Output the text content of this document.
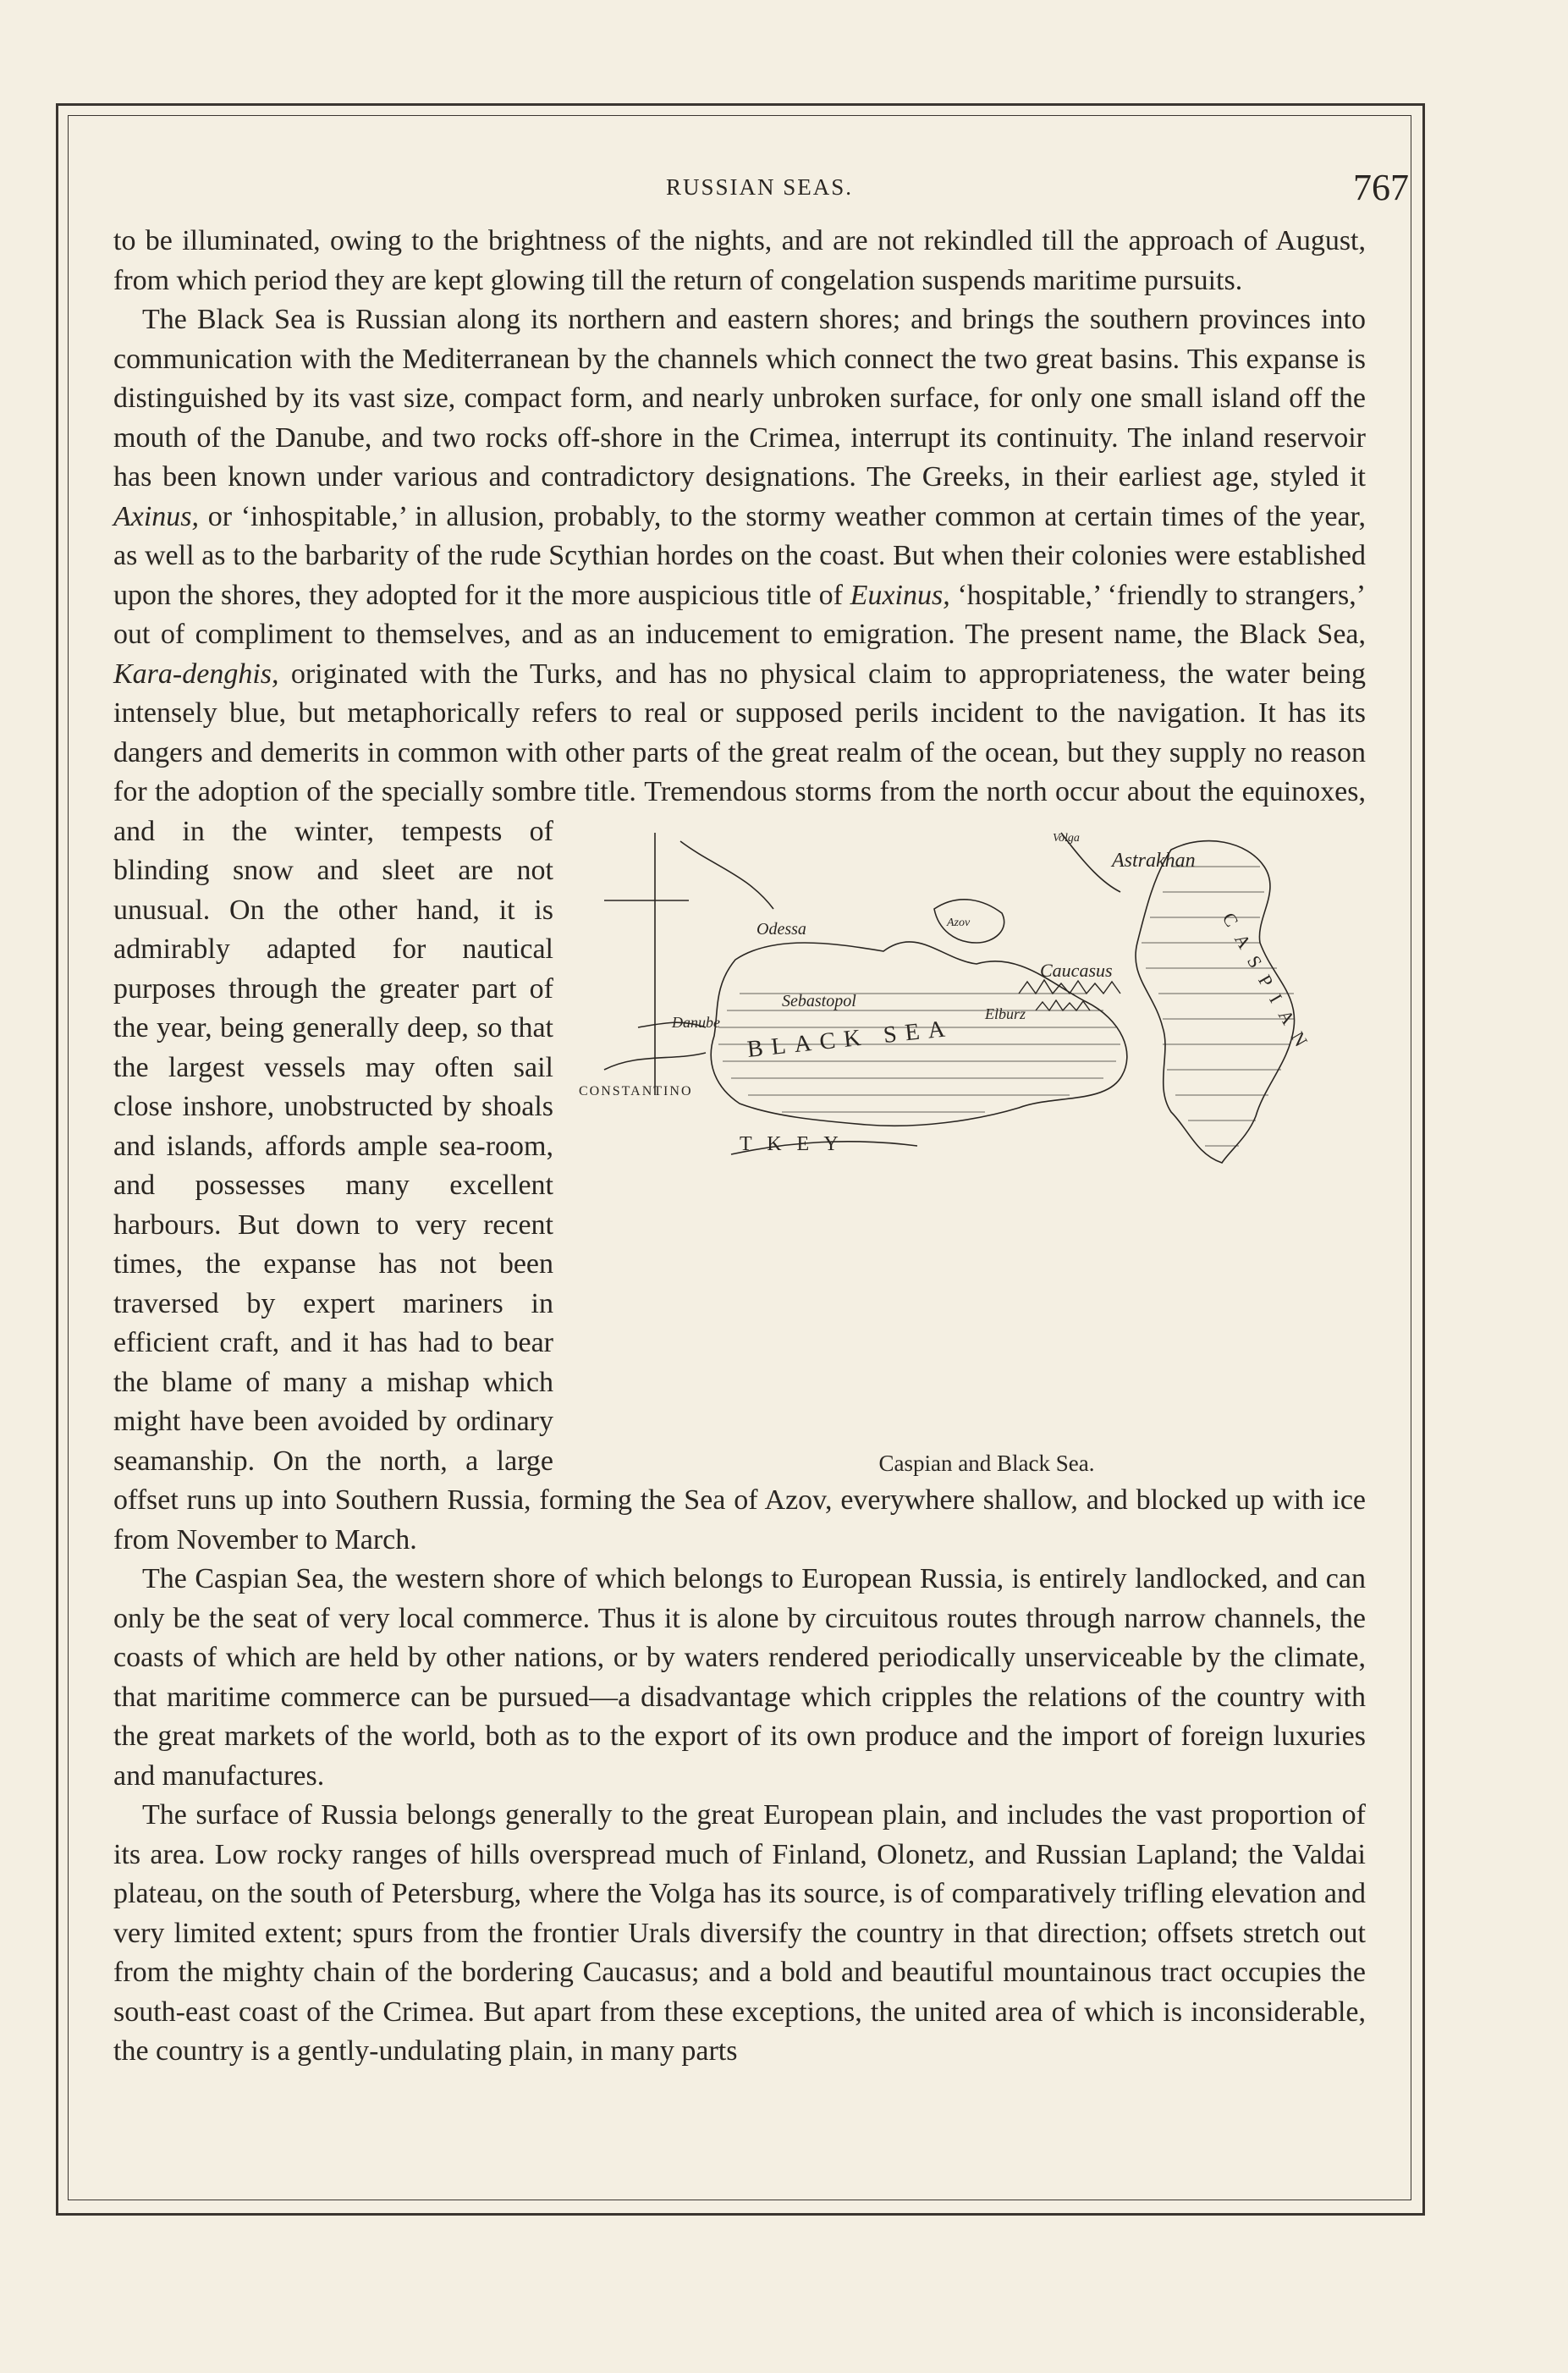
RUSSIAN SEAS.	767

to be illuminated, owing to the brightness of the nights, and are not rekindled till the approach of August, from which period they are kept glowing till the return of congelation suspends maritime pursuits.

The Black Sea is Russian along its northern and eastern shores; and brings the southern provinces into communication with the Mediterranean by the channels which connect the two great basins. This expanse is distinguished by its vast size, compact form, and nearly unbroken surface, for only one small island off the mouth of the Danube, and two rocks off-shore in the Crimea, interrupt its continuity. The inland reservoir has been known under various and contradictory designations. The Greeks, in their earliest age, styled it Axinus, or ‘inhospitable,’ in allusion, probably, to the stormy weather common at certain times of the year, as well as to the barbarity of the rude Scythian hordes on the coast. But when their colonies were established upon the shores, they adopted for it the more auspicious title of Euxinus, ‘hospitable,’ ‘friendly to strangers,’ out of compliment to themselves, and as an inducement to emigration. The present name, the Black Sea, Kara-denghis, originated with the Turks, and has no physical claim to appropriateness, the water being intensely blue, but metaphorically refers to real or supposed perils incident to the navigation. It has its dangers and demerits in common with other parts of the great realm of the ocean, but they supply no reason for the adoption of the specially sombre title.
Astrakhan
Odessa
Sebastopol
Danube BLACK SEA
Caucasus
Elburz
CONSTANTINO
T K E Y
CASPIAN
Azov
Volga
Caspian and Black Sea.
Tremendous storms from the north occur about the equinoxes, and in the winter, tempests of blinding snow and sleet are not unusual. On the other hand, it is admirably adapted for nautical purposes through the greater part of the year, being generally deep, so that the largest vessels may often sail close inshore, unobstructed by shoals and islands, affords ample sea-room, and possesses many excellent harbours. But down to very recent times, the expanse has not been traversed by expert mariners in efficient craft, and it has had to bear the blame of many a mishap which might have been avoided by ordinary seamanship. On the north, a large offset runs up into Southern Russia, forming the Sea of Azov, everywhere shallow, and blocked up with ice from November to March.

The Caspian Sea, the western shore of which belongs to European Russia, is entirely landlocked, and can only be the seat of very local commerce. Thus it is alone by circuitous routes through narrow channels, the coasts of which are held by other nations, or by waters rendered periodically unserviceable by the climate, that maritime commerce can be pursued—a disadvantage which cripples the relations of the country with the great markets of the world, both as to the export of its own produce and the import of foreign luxuries and manufactures.

The surface of Russia belongs generally to the great European plain, and includes the vast proportion of its area. Low rocky ranges of hills overspread much of Finland, Olonetz, and Russian Lapland; the Valdai plateau, on the south of Petersburg, where the Volga has its source, is of comparatively trifling elevation and very limited extent; spurs from the frontier Urals diversify the country in that direction; offsets stretch out from the mighty chain of the bordering Caucasus; and a bold and beautiful mountainous tract occupies the south-east coast of the Crimea. But apart from these exceptions, the united area of which is inconsiderable, the country is a gently-undulating plain, in many parts
